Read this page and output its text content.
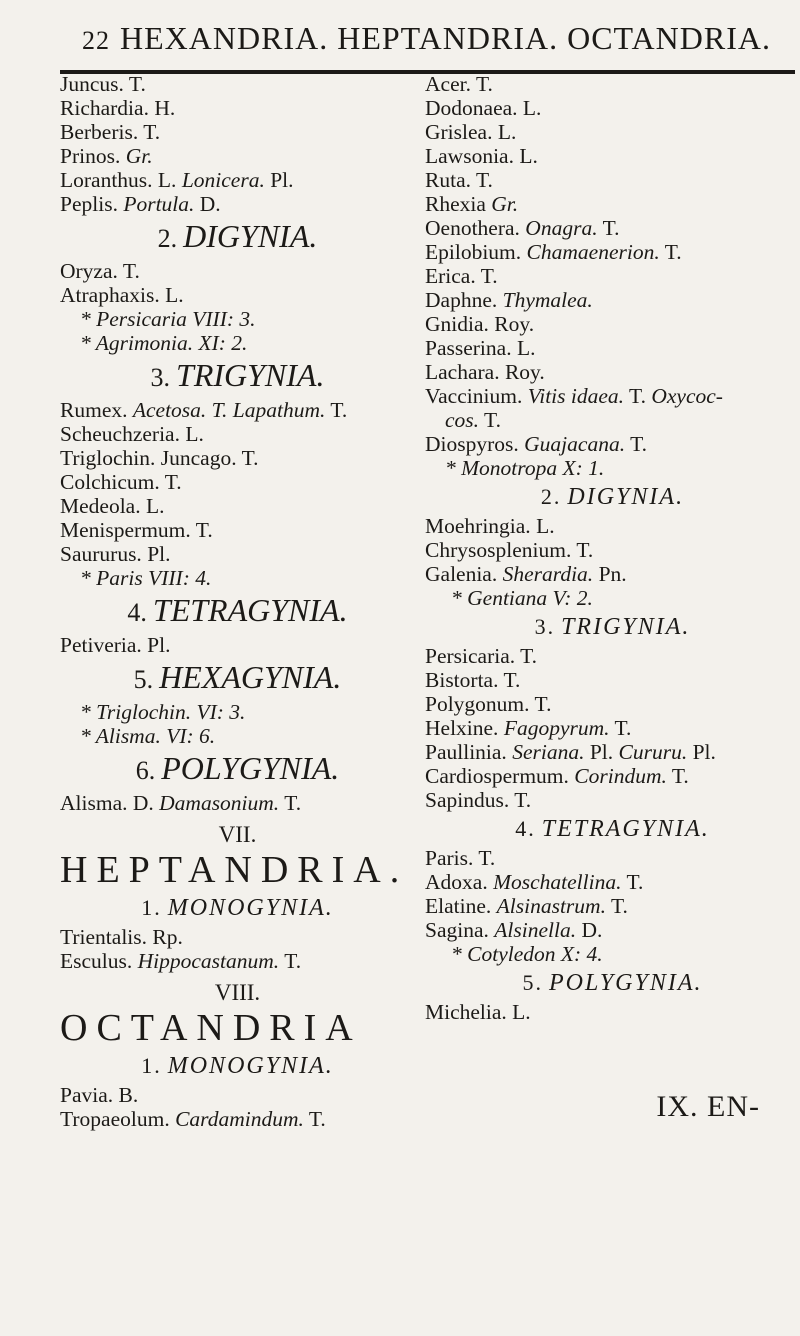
22 HEXANDRIA. HEPTANDRIA. OCTANDRIA.
Juncus. T.
Richardia. H.
Berberis. T.
Prinos. Gr.
Loranthus. L. Lonicera. Pl.
Peplis. Portula. D.
2. DIGYNIA.
Oryza. T.
Atraphaxis. L.
* Persicaria VIII: 3.
* Agrimonia. XI: 2.
3. TRIGYNIA.
Rumex. Acetosa. T. Lapathum. T.
Scheuchzeria. L.
Triglochin. Juncago. T.
Colchicum. T.
Medeola. L.
Menispermum. T.
Saururus. Pl.
* Paris VIII: 4.
4. TETRAGYNIA.
Petiveria. Pl.
5. HEXAGYNIA.
* Triglochin. VI: 3.
* Alisma. VI: 6.
6. POLYGYNIA.
Alisma. D. Damasonium. T.
VII.
HEPTANDRIA.
1. MONOGYNIA.
Trientalis. Rp.
Esculus. Hippocastanum. T.
VIII.
OCTANDRIA
1. MONOGYNIA.
Pavia. B.
Tropaeolum. Cardamindum. T.
Acer. T.
Dodonaea. L.
Grislea. L.
Lawsonia. L.
Ruta. T.
Rhexia Gr.
Oenothera. Onagra. T.
Epilobium. Chamaenerion. T.
Erica. T.
Daphne. Thymalea.
Gnidia. Roy.
Passerina. L.
Lachara. Roy.
Vaccinium. Vitis idaea. T. Oxycoc-
cos. T.
Diospyros. Guajacana. T.
* Monotropa X: 1.
2. DIGYNIA.
Moehringia. L.
Chrysosplenium. T.
Galenia. Sherardia. Pn.
* Gentiana V: 2.
3. TRIGYNIA.
Persicaria. T.
Bistorta. T.
Polygonum. T.
Helxine. Fagopyrum. T.
Paullinia. Seriana. Pl. Cururu. Pl.
Cardiospermum. Corindum. T.
Sapindus. T.
4. TETRAGYNIA.
Paris. T.
Adoxa. Moschatellina. T.
Elatine. Alsinastrum. T.
Sagina. Alsinella. D.
* Cotyledon X: 4.
5. POLYGYNIA.
Michelia. L.
IX. EN-
